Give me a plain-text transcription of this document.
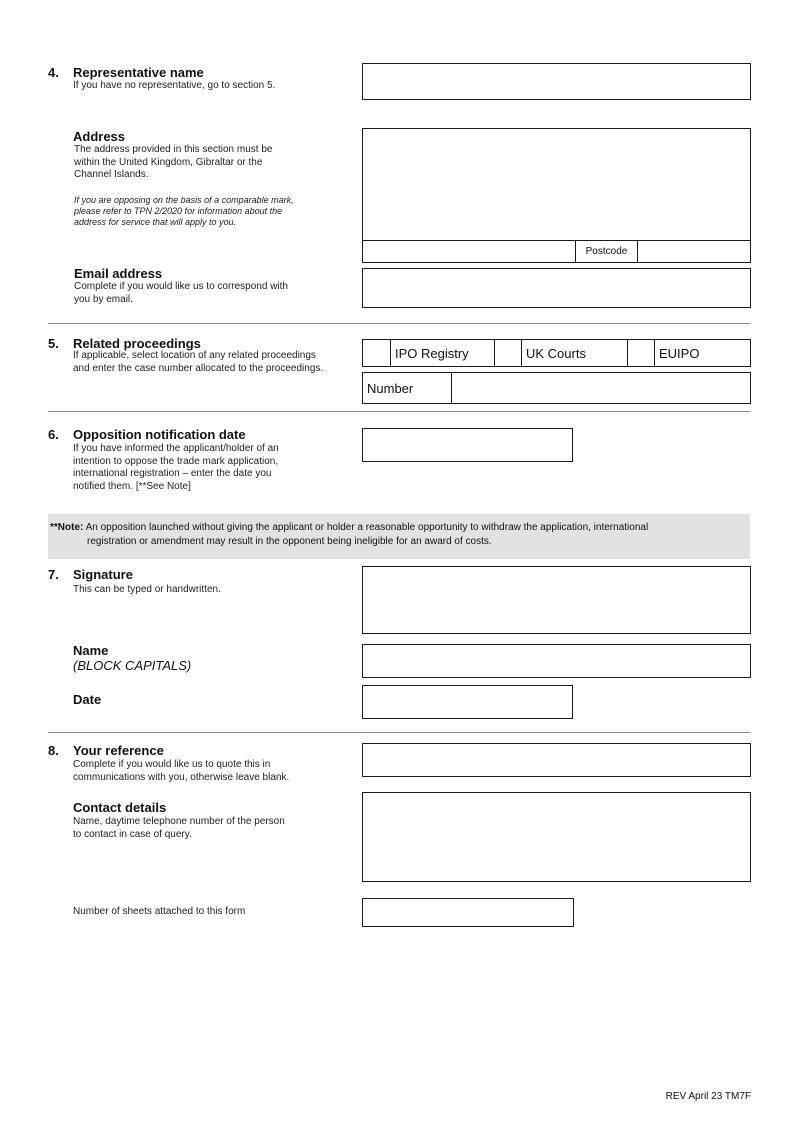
4. Representative name
If you have no representative, go to section 5.
Address
The address provided in this section must be
within the United Kingdom, Gibraltar or the
Channel Islands.
If you are opposing on the basis of a comparable mark,
please refer to TPN 2/2020 for information about the
address for service that will apply to you.
Postcode
Email address
Complete if you would like us to correspond with
you by email.
5. Related proceedings
If applicable, select location of any related proceedings
and enter the case number allocated to the proceedings.
IPO Registry	UK Courts	EUIPO
Number
6. Opposition notification date
If you have informed the applicant/holder of an
intention to oppose the trade mark application,
international registration – enter the date you
notified them. [**See Note]
**Note: An opposition launched without giving the applicant or holder a reasonable opportunity to withdraw the application, international
registration or amendment may result in the opponent being ineligible for an award of costs.
7. Signature
This can be typed or handwritten.
Name
(BLOCK CAPITALS)
Date
8. Your reference
Complete if you would like us to quote this in
communications with you, otherwise leave blank.
Contact details
Name, daytime telephone number of the person
to contact in case of query.
Number of sheets attached to this form
REV April 23 TM7F
